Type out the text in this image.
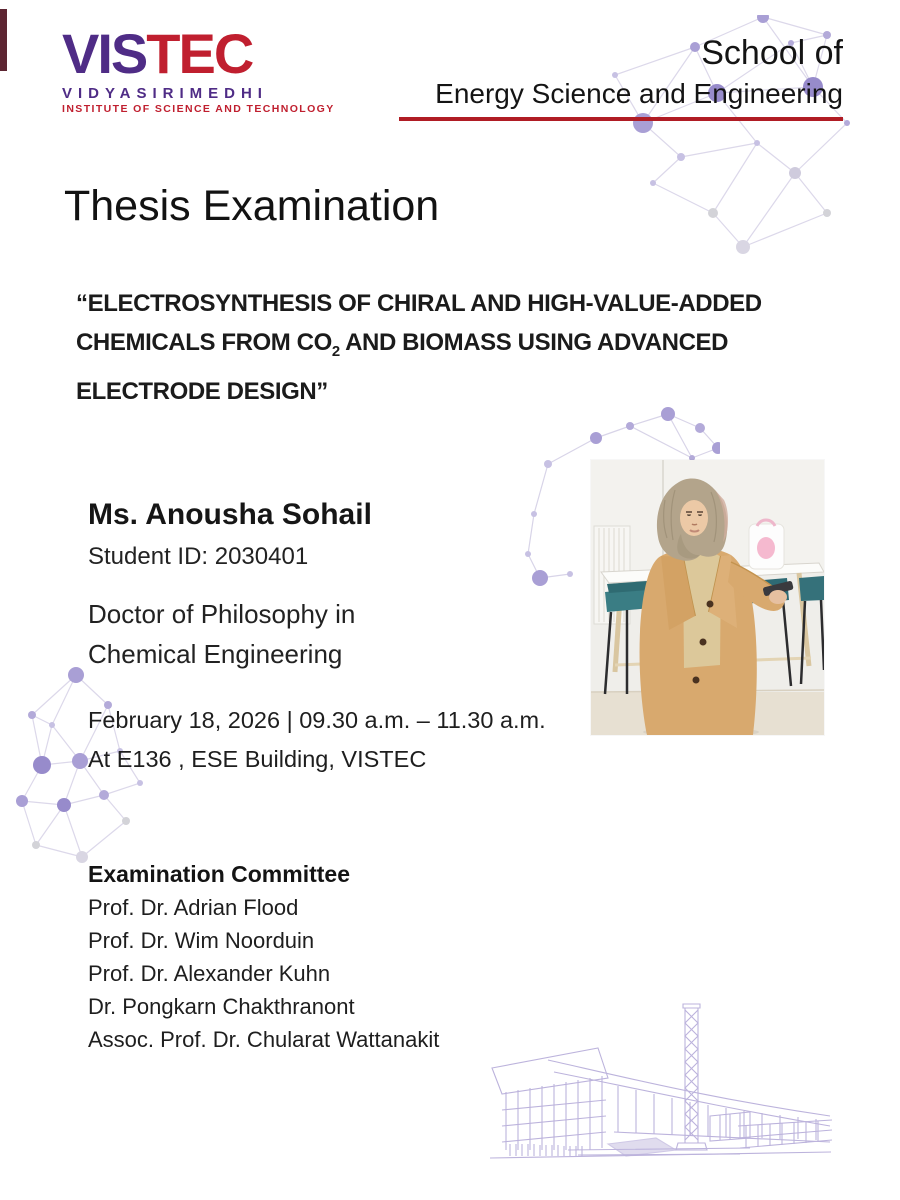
VISTEC
VIDYASIRIMEDHI
INSTITUTE OF SCIENCE AND TECHNOLOGY
School of
Energy Science and Engineering
Thesis Examination
“ELECTROSYNTHESIS OF CHIRAL AND HIGH-VALUE-ADDED
CHEMICALS FROM $CO_2$ AND BIOMASS USING ADVANCED
ELECTRODE DESIGN”
Ms. Anousha Sohail
Student ID: 2030401
Doctor of Philosophy in
Chemical Engineering
February 18, 2026 | 09.30 a.m. – 11.30 a.m.
At E136 , ESE Building, VISTEC
Examination Committee
Prof. Dr. Adrian Flood
Prof. Dr. Wim Noorduin
Prof. Dr. Alexander Kuhn
Dr. Pongkarn Chakthranont
Assoc. Prof. Dr. Chularat Wattanakit
